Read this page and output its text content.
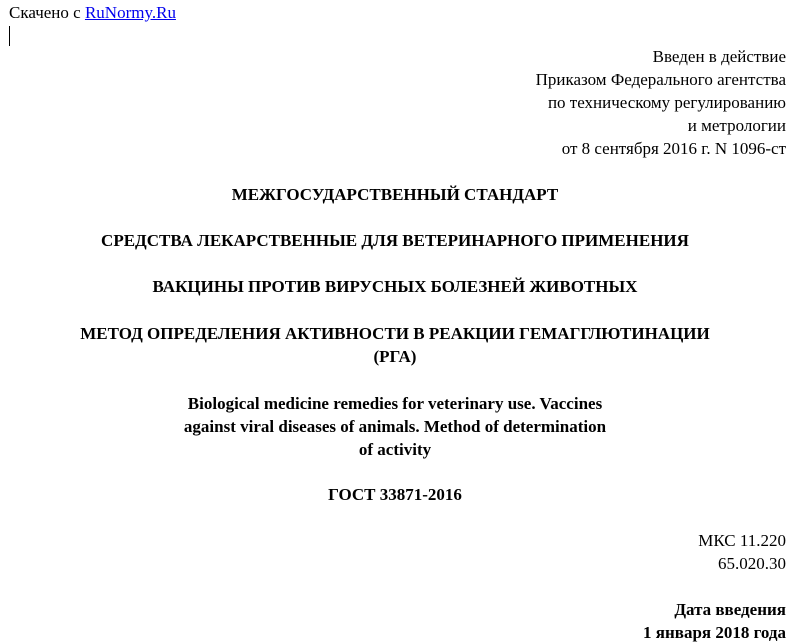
Скачено с RuNormy.Ru
Введен в действие
Приказом Федерального агентства
по техническому регулированию
и метрологии
от 8 сентября 2016 г. N 1096-ст
МЕЖГОСУДАРСТВЕННЫЙ СТАНДАРТ
СРЕДСТВА ЛЕКАРСТВЕННЫЕ ДЛЯ ВЕТЕРИНАРНОГО ПРИМЕНЕНИЯ
ВАКЦИНЫ ПРОТИВ ВИРУСНЫХ БОЛЕЗНЕЙ ЖИВОТНЫХ
МЕТОД ОПРЕДЕЛЕНИЯ АКТИВНОСТИ В РЕАКЦИИ ГЕМАГГЛЮТИНАЦИИ
(РГА)
Biological medicine remedies for veterinary use. Vaccines
against viral diseases of animals. Method of determination
of activity
ГОСТ 33871-2016
МКС 11.220
65.020.30
Дата введения
1 января 2018 года
